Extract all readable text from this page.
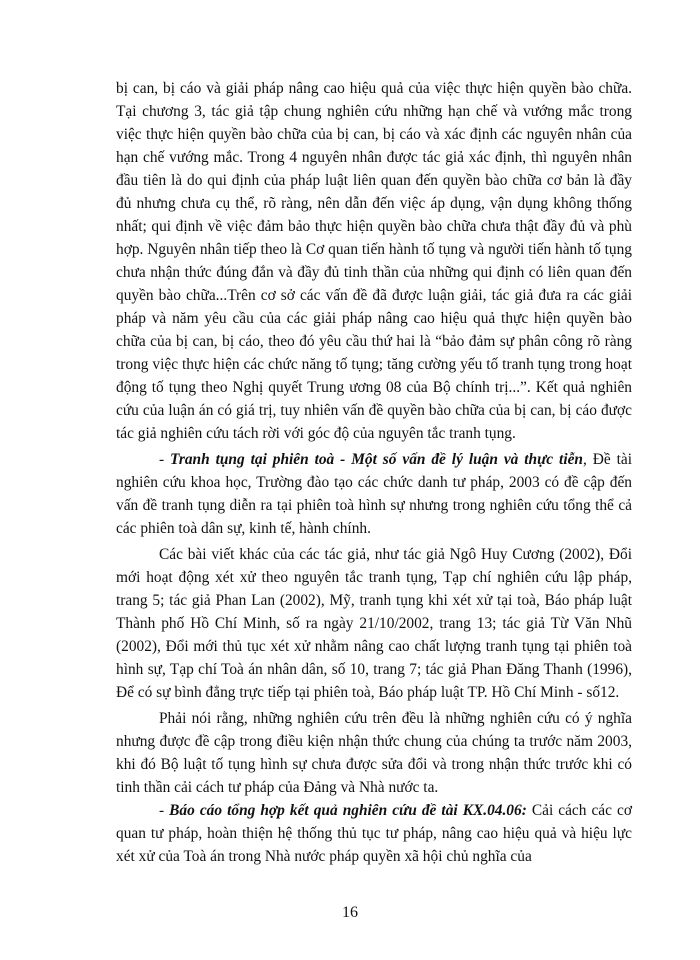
bị can, bị cáo và giải pháp nâng cao hiệu quả của việc thực hiện quyền bào chữa. Tại chương 3, tác giả tập chung nghiên cứu những hạn chế và vướng mắc trong việc thực hiện quyền bào chữa của bị can, bị cáo và xác định các nguyên nhân của hạn chế vướng mắc. Trong 4 nguyên nhân được tác giả xác định, thì nguyên nhân đầu tiên là do qui định của pháp luật liên quan đến quyền bào chữa cơ bản là đầy đủ nhưng chưa cụ thể, rõ ràng, nên dẫn đến việc áp dụng, vận dụng không thống nhất; qui định về việc đảm bảo thực hiện quyền bào chữa chưa thật đầy đủ và phù hợp. Nguyên nhân tiếp theo là Cơ quan tiến hành tố tụng và người tiến hành tố tụng chưa nhận thức đúng đắn và đầy đủ tinh thần của những qui định có liên quan đến quyền bào chữa...Trên cơ sở các vấn đề đã được luận giải, tác giả đưa ra các giải pháp và năm yêu cầu của các giải pháp nâng cao hiệu quả thực hiện quyền bào chữa của bị can, bị cáo, theo đó yêu cầu thứ hai là “bảo đảm sự phân công rõ ràng trong việc thực hiện các chức năng tố tụng; tăng cường yếu tố tranh tụng trong hoạt động tố tụng theo Nghị quyết Trung ương 08 của Bộ chính trị...”. Kết quả nghiên cứu của luận án có giá trị, tuy nhiên vấn đề quyền bào chữa của bị can, bị cáo được tác giả nghiên cứu tách rời với góc độ của nguyên tắc tranh tụng.

- Tranh tụng tại phiên toà - Một số vấn đề lý luận và thực tiễn, Đề tài nghiên cứu khoa học, Trường đào tạo các chức danh tư pháp, 2003 có đề cập đến vấn đề tranh tụng diễn ra tại phiên toà hình sự nhưng trong nghiên cứu tổng thể cả các phiên toà dân sự, kinh tế, hành chính.

Các bài viết khác của các tác giả, như tác giả Ngô Huy Cương (2002), Đổi mới hoạt động xét xử theo nguyên tắc tranh tụng, Tạp chí nghiên cứu lập pháp, trang 5; tác giả Phan Lan (2002), Mỹ, tranh tụng khi xét xử tại toà, Báo pháp luật Thành phố Hồ Chí Minh, số ra ngày 21/10/2002, trang 13; tác giả Từ Văn Nhũ (2002), Đổi mới thủ tục xét xử nhằm nâng cao chất lượng tranh tụng tại phiên toà hình sự, Tạp chí Toà án nhân dân, số 10, trang 7; tác giả Phan Đăng Thanh (1996), Để có sự bình đẳng trực tiếp tại phiên toà, Báo pháp luật TP. Hồ Chí Minh - số12.

Phải nói rằng, những nghiên cứu trên đều là những nghiên cứu có ý nghĩa nhưng được đề cập trong điều kiện nhận thức chung của chúng ta trước năm 2003, khi đó Bộ luật tố tụng hình sự chưa được sửa đổi và trong nhận thức trước khi có tinh thần cải cách tư pháp của Đảng và Nhà nước ta.

- Báo cáo tổng hợp kết quả nghiên cứu đề tài KX.04.06: Cải cách các cơ quan tư pháp, hoàn thiện hệ thống thủ tục tư pháp, nâng cao hiệu quả và hiệu lực xét xử của Toà án trong Nhà nước pháp quyền xã hội chủ nghĩa của

16
